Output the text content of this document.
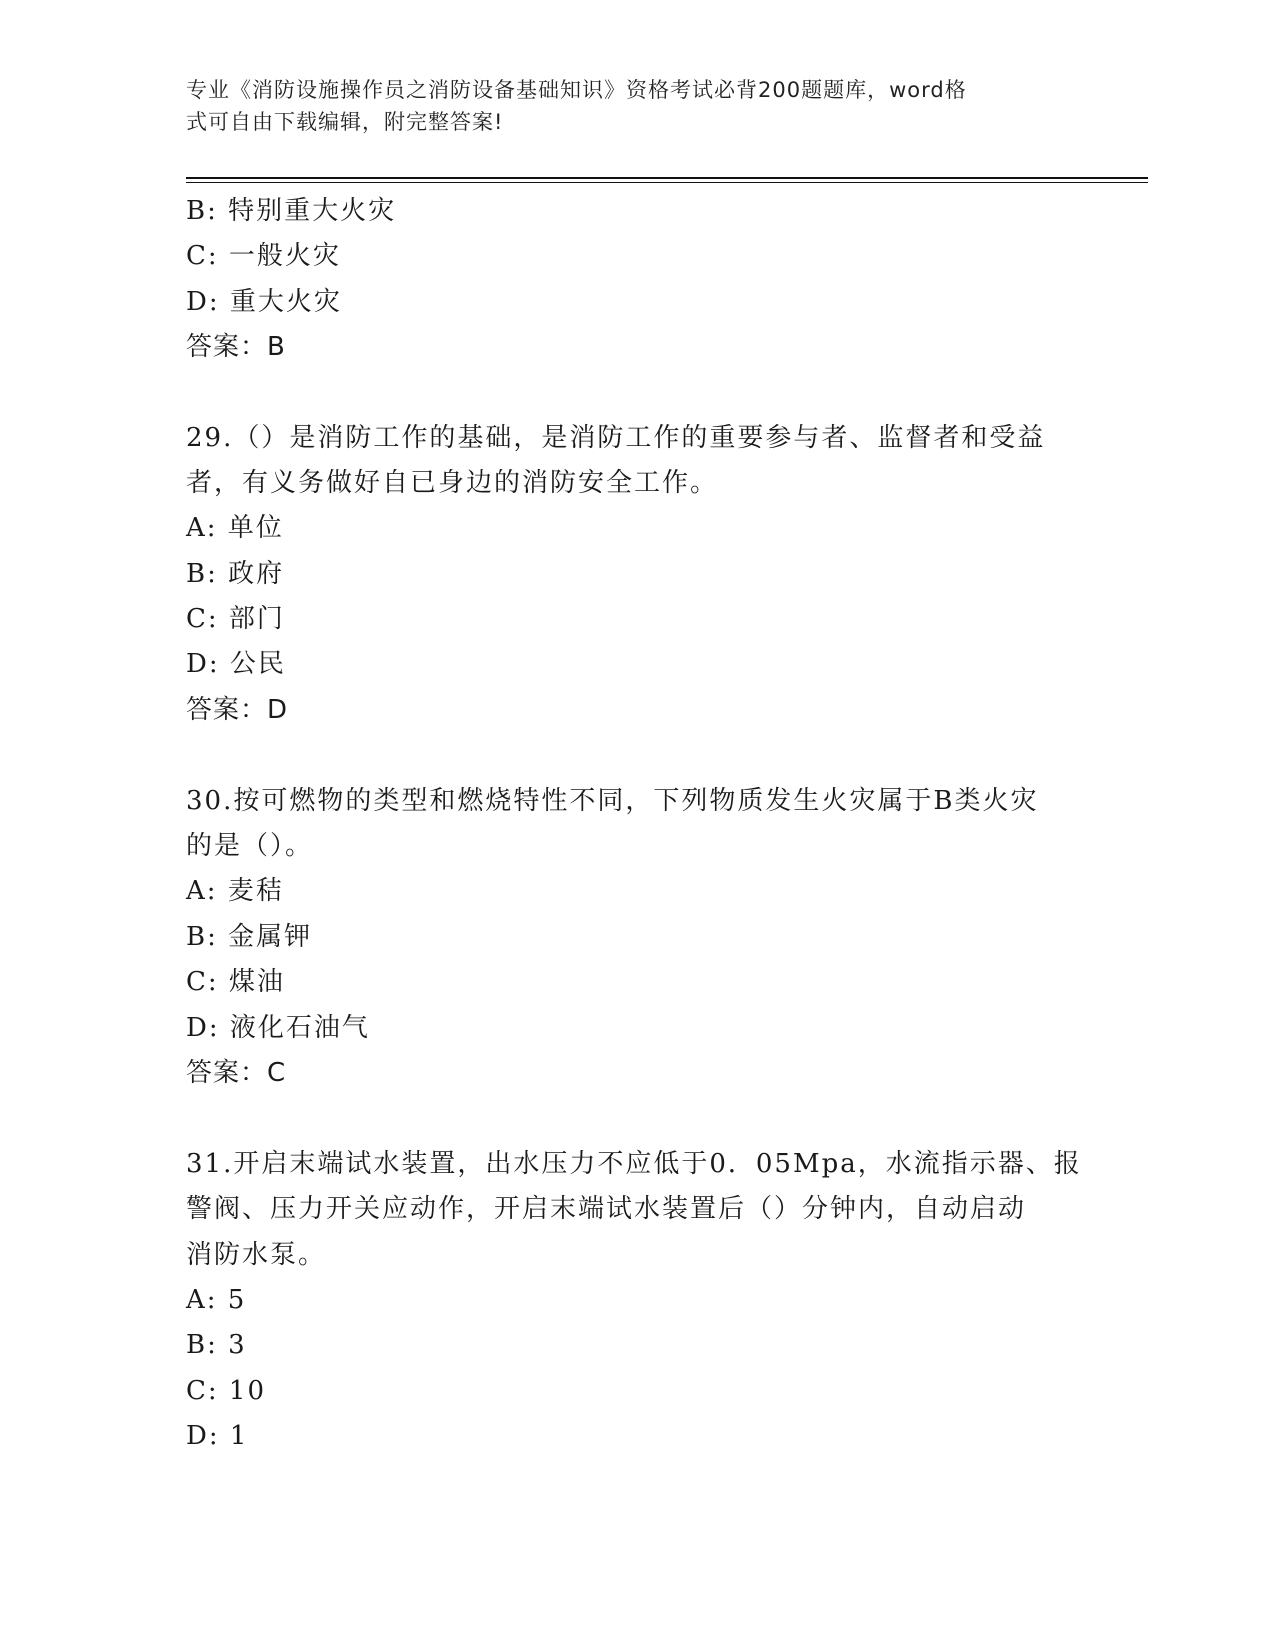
专业《消防设施操作员之消防设备基础知识》资格考试必背200题题库，word格
式可自由下载编辑，附完整答案!
B: 特别重大火灾
C: 一般火灾
D: 重大火灾
答案：B
29.（）是消防工作的基础，是消防工作的重要参与者、监督者和受益
者，有义务做好自已身边的消防安全工作。
A: 单位
B: 政府
C: 部门
D: 公民
答案：D
30.按可燃物的类型和燃烧特性不同，下列物质发生火灾属于B类火灾
的是（）。
A: 麦秸
B: 金属钾
C: 煤油
D: 液化石油气
答案：C
31.开启末端试水装置，出水压力不应低于0．05Mpa，水流指示器、报
警阀、压力开关应动作，开启末端试水装置后（）分钟内，自动启动
消防水泵。
A: 5
B: 3
C: 10
D: 1
